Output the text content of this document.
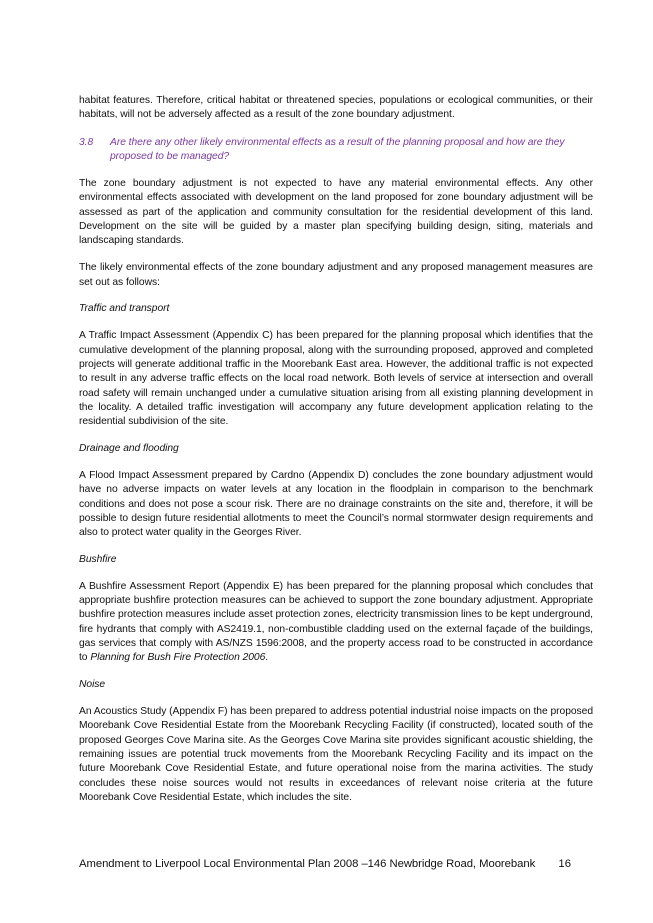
habitat features. Therefore, critical habitat or threatened species, populations or ecological communities, or their habitats, will not be adversely affected as a result of the zone boundary adjustment.

3.8	Are there any other likely environmental effects as a result of the planning proposal and how are they proposed to be managed?

The zone boundary adjustment is not expected to have any material environmental effects. Any other environmental effects associated with development on the land proposed for zone boundary adjustment will be assessed as part of the application and community consultation for the residential development of this land. Development on the site will be guided by a master plan specifying building design, siting, materials and landscaping standards.

The likely environmental effects of the zone boundary adjustment and any proposed management measures are set out as follows:

Traffic and transport

A Traffic Impact Assessment (Appendix C) has been prepared for the planning proposal which identifies that the cumulative development of the planning proposal, along with the surrounding proposed, approved and completed projects will generate additional traffic in the Moorebank East area. However, the additional traffic is not expected to result in any adverse traffic effects on the local road network. Both levels of service at intersection and overall road safety will remain unchanged under a cumulative situation arising from all existing planning development in the locality. A detailed traffic investigation will accompany any future development application relating to the residential subdivision of the site.

Drainage and flooding

A Flood Impact Assessment prepared by Cardno (Appendix D) concludes the zone boundary adjustment would have no adverse impacts on water levels at any location in the floodplain in comparison to the benchmark conditions and does not pose a scour risk. There are no drainage constraints on the site and, therefore, it will be possible to design future residential allotments to meet the Council’s normal stormwater design requirements and also to protect water quality in the Georges River.

Bushfire

A Bushfire Assessment Report (Appendix E) has been prepared for the planning proposal which concludes that appropriate bushfire protection measures can be achieved to support the zone boundary adjustment. Appropriate bushfire protection measures include asset protection zones, electricity transmission lines to be kept underground, fire hydrants that comply with AS2419.1, non-combustible cladding used on the external façade of the buildings, gas services that comply with AS/NZS 1596:2008, and the property access road to be constructed in accordance to Planning for Bush Fire Protection 2006.

Noise

An Acoustics Study (Appendix F) has been prepared to address potential industrial noise impacts on the proposed Moorebank Cove Residential Estate from the Moorebank Recycling Facility (if constructed), located south of the proposed Georges Cove Marina site. As the Georges Cove Marina site provides significant acoustic shielding, the remaining issues are potential truck movements from the Moorebank Recycling Facility and its impact on the future Moorebank Cove Residential Estate, and future operational noise from the marina activities. The study concludes these noise sources would not results in exceedances of relevant noise criteria at the future Moorebank Cove Residential Estate, which includes the site.

Amendment to Liverpool Local Environmental Plan 2008 –146 Newbridge Road, Moorebank 16
